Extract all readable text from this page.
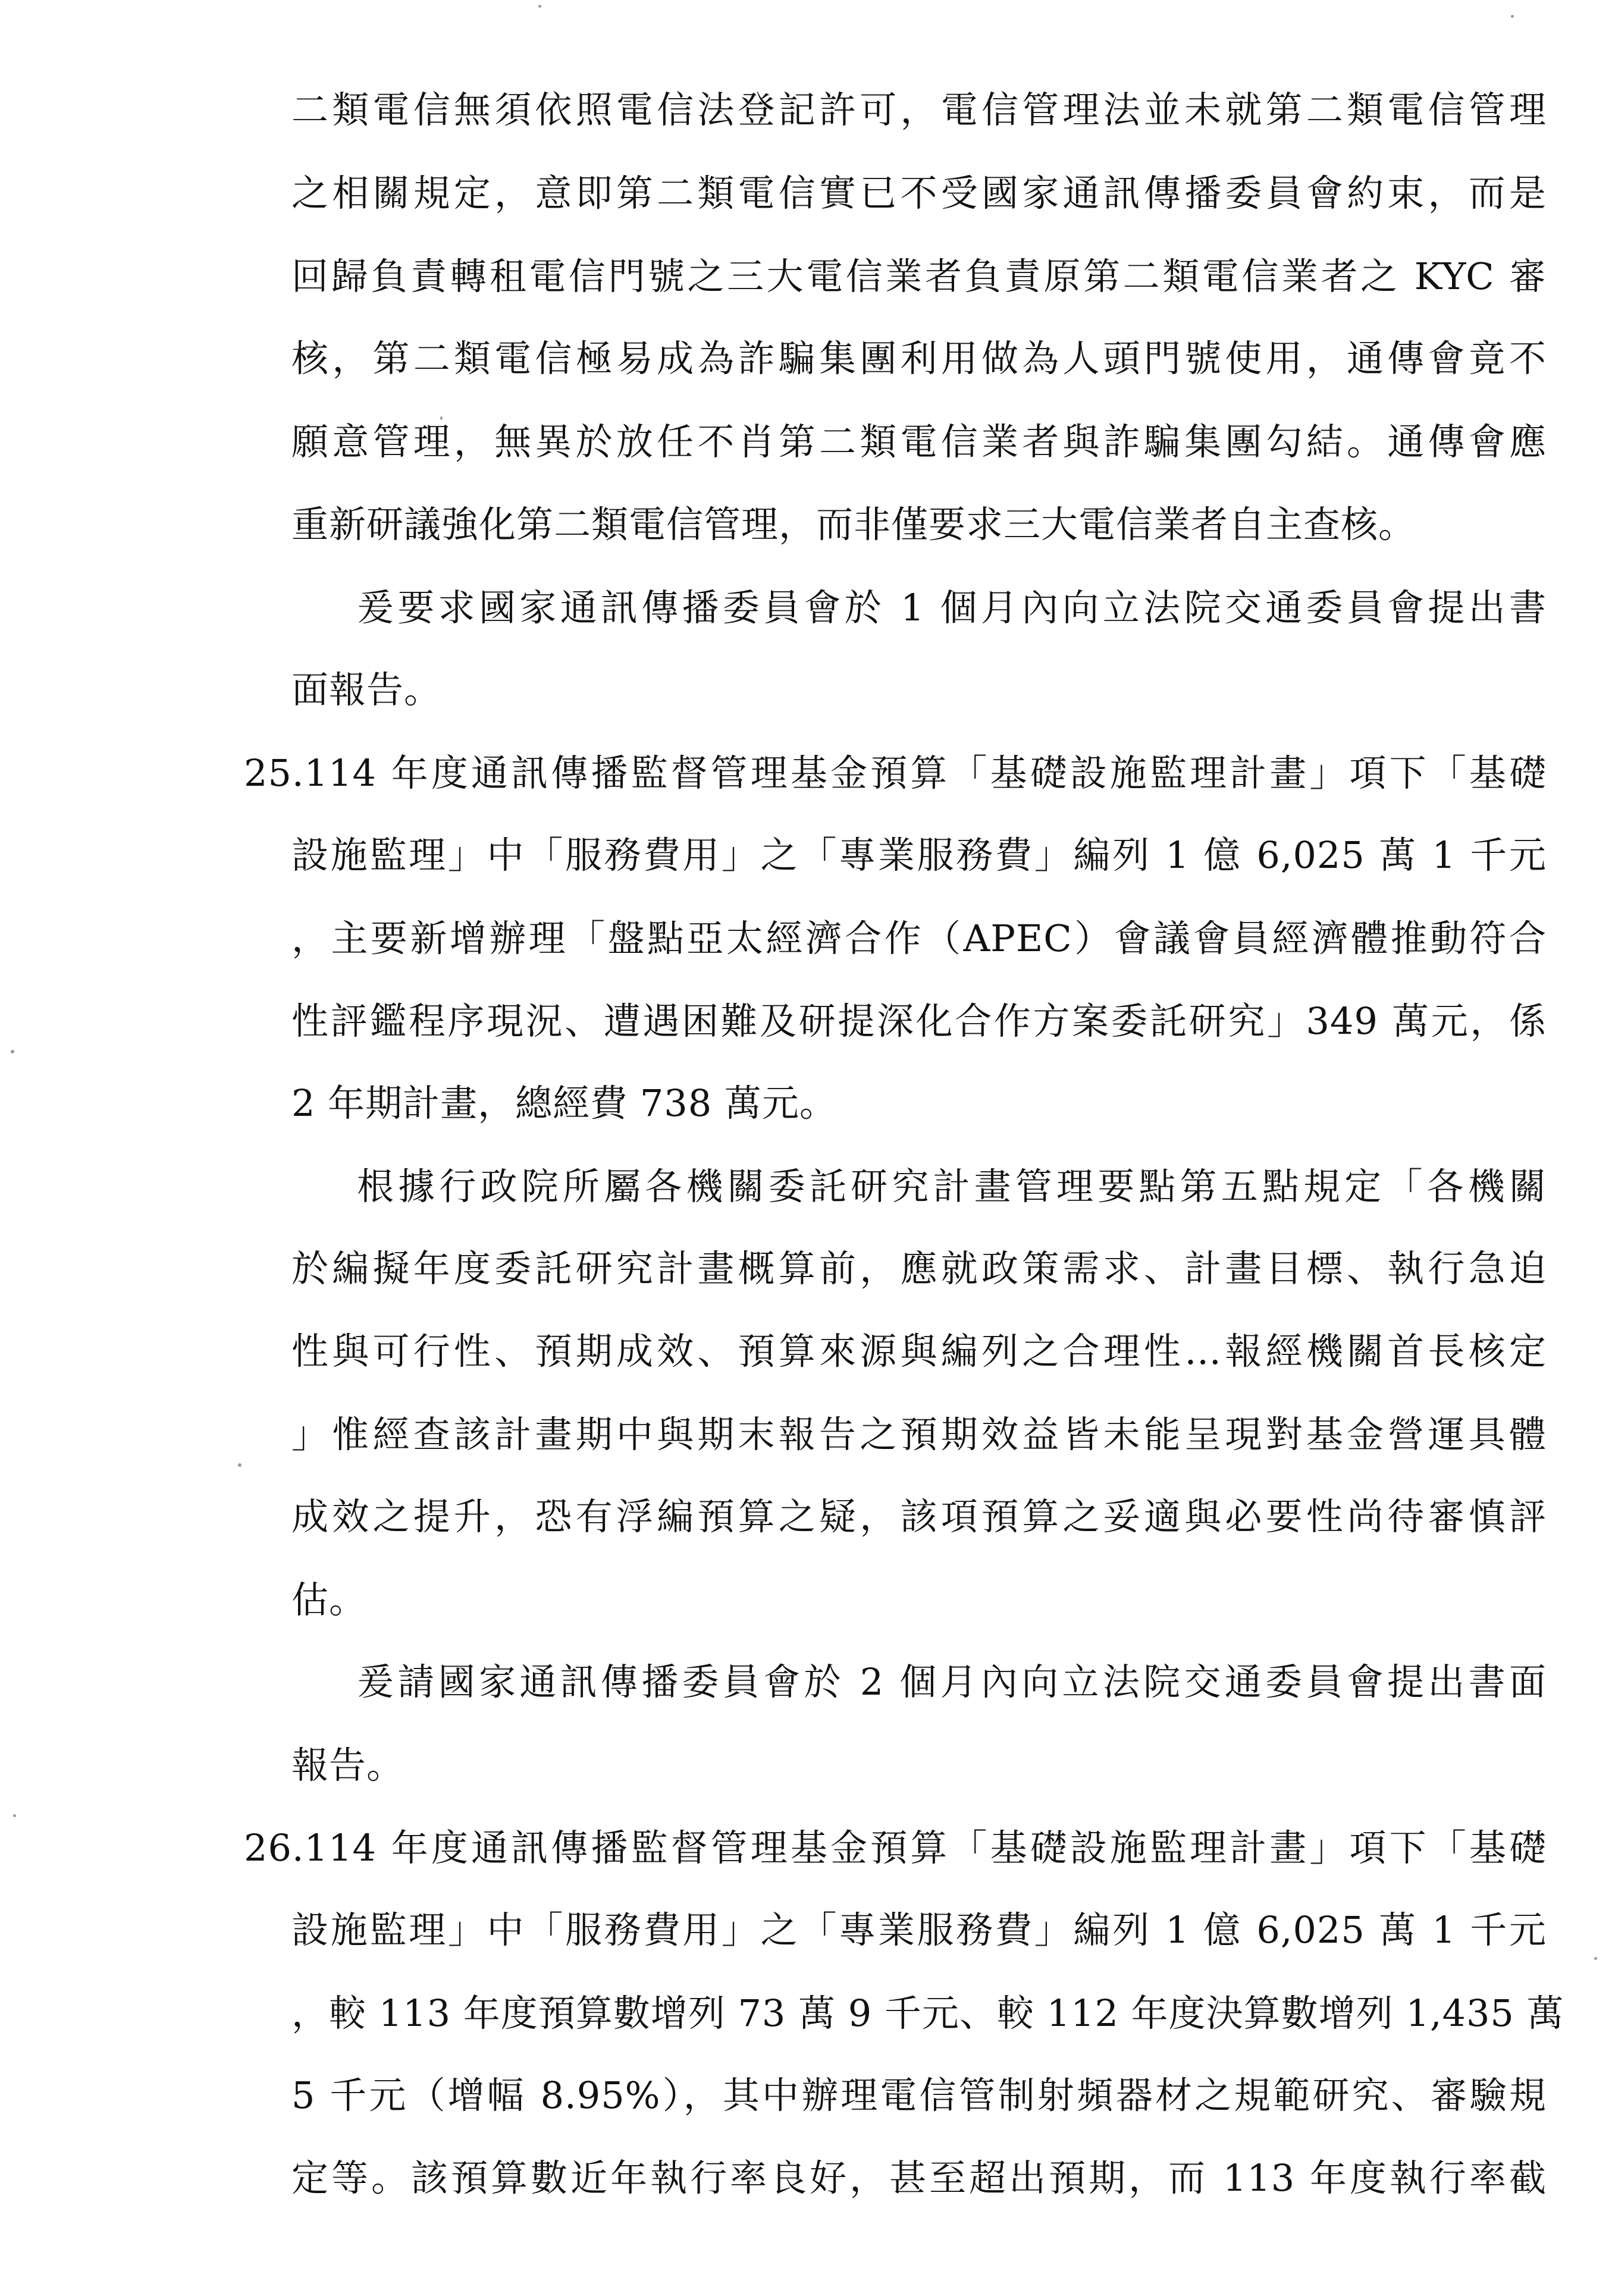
二類電信無須依照電信法登記許可，電信管理法並未就第二類電信管理
之相關規定，意即第二類電信實已不受國家通訊傳播委員會約束，而是
回歸負責轉租電信門號之三大電信業者負責原第二類電信業者之 KYC 審
核，第二類電信極易成為詐騙集團利用做為人頭門號使用，通傳會竟不
願意管理，無異於放任不肖第二類電信業者與詐騙集團勾結。通傳會應
重新研議強化第二類電信管理，而非僅要求三大電信業者自主查核。
爰要求國家通訊傳播委員會於 1 個月內向立法院交通委員會提出書
面報告。
25.114 年度通訊傳播監督管理基金預算「基礎設施監理計畫」項下「基礎
設施監理」中「服務費用」之「專業服務費」編列 1 億 6,025 萬 1 千元
，主要新增辦理「盤點亞太經濟合作（APEC）會議會員經濟體推動符合
性評鑑程序現況、遭遇困難及研提深化合作方案委託研究」349 萬元，係
2 年期計畫，總經費 738 萬元。
根據行政院所屬各機關委託研究計畫管理要點第五點規定「各機關
於編擬年度委託研究計畫概算前，應就政策需求、計畫目標、執行急迫
性與可行性、預期成效、預算來源與編列之合理性…報經機關首長核定
」惟經查該計畫期中與期末報告之預期效益皆未能呈現對基金營運具體
成效之提升，恐有浮編預算之疑，該項預算之妥適與必要性尚待審慎評
估。
爰請國家通訊傳播委員會於 2 個月內向立法院交通委員會提出書面
報告。
26.114 年度通訊傳播監督管理基金預算「基礎設施監理計畫」項下「基礎
設施監理」中「服務費用」之「專業服務費」編列 1 億 6,025 萬 1 千元
，較 113 年度預算數增列 73 萬 9 千元、較 112 年度決算數增列 1,435 萬
5 千元（增幅 8.95%），其中辦理電信管制射頻器材之規範研究、審驗規
定等。該預算數近年執行率良好，甚至超出預期，而 113 年度執行率截
